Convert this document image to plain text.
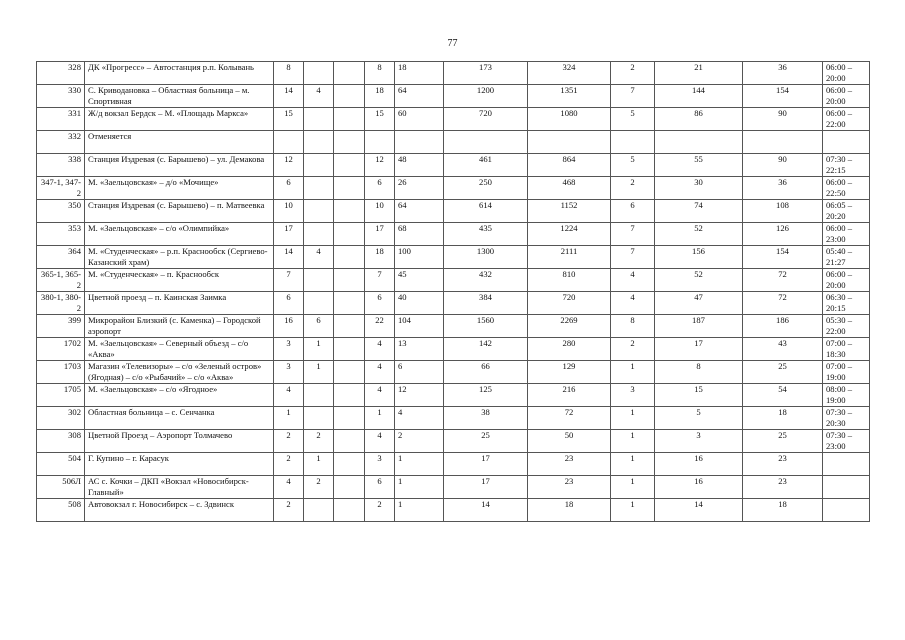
77
328	ДК «Прогресс» – Автостанция р.п. Колывань	8			8	18	173	324	2	21	36	06:00 – 20:00
330	С. Криводановка – Областная больница – м. Спортивная	14	4		18	64	1200	1351	7	144	154	06:00 – 20:00
331	Ж/д вокзал Бердск – М. «Площадь Маркса»	15			15	60	720	1080	5	86	90	06:00 – 22:00
332	Отменяется											
338	Станция Издревая (с. Барышево) – ул. Демакова	12			12	48	461	864	5	55	90	07:30 – 22:15
347-1, 347-2	М. «Заельцовская» – д/о «Мочище»	6			6	26	250	468	2	30	36	06:00 – 22:50
350	Станция Издревая (с. Барышево) – п. Матвеевка	10			10	64	614	1152	6	74	108	06:05 – 20:20
353	М. «Заельцовская» – с/о «Олимпийка»	17			17	68	435	1224	7	52	126	06:00 – 23:00
364	М. «Студенческая» – р.п. Краснообск (Сергиево-Казанский храм)	14	4		18	100	1300	2111	7	156	154	05:40 – 21:27
365-1, 365-2	М. «Студенческая» – п. Краснообск	7			7	45	432	810	4	52	72	06:00 – 20:00
380-1, 380-2	Цветной проезд – п. Каинская Заимка	6			6	40	384	720	4	47	72	06:30 – 20:15
399	Микрорайон Близкий (с. Каменка) – Городской аэропорт	16	6		22	104	1560	2269	8	187	186	05:30 – 22:00
1702	М. «Заельцовская» – Северный объезд – с/о «Аква»	3	1		4	13	142	280	2	17	43	07:00 – 18:30
1703	Магазин «Телевизоры» – с/о «Зеленый остров» (Ягодная) – с/о «Рыбачий» – с/о «Аква»	3	1		4	6	66	129	1	8	25	07:00 – 19:00
1705	М. «Заельцовская» – с/о «Ягодное»	4			4	12	125	216	3	15	54	08:00 – 19:00
302	Областная больница – с. Сенчанка	1			1	4	38	72	1	5	18	07:30 – 20:30
308	Цветной Проезд – Аэропорт Толмачево	2	2		4	2	25	50	1	3	25	07:30 – 23:00
504	Г. Купино – г. Карасук	2	1		3	1	17	23	1	16	23	
506Л	АС с. Кочки – ДКП «Вокзал «Новосибирск-Главный»	4	2		6	1	17	23	1	16	23	
508	Автовокзал г. Новосибирск – с. Здвинск	2			2	1	14	18	1	14	18	
